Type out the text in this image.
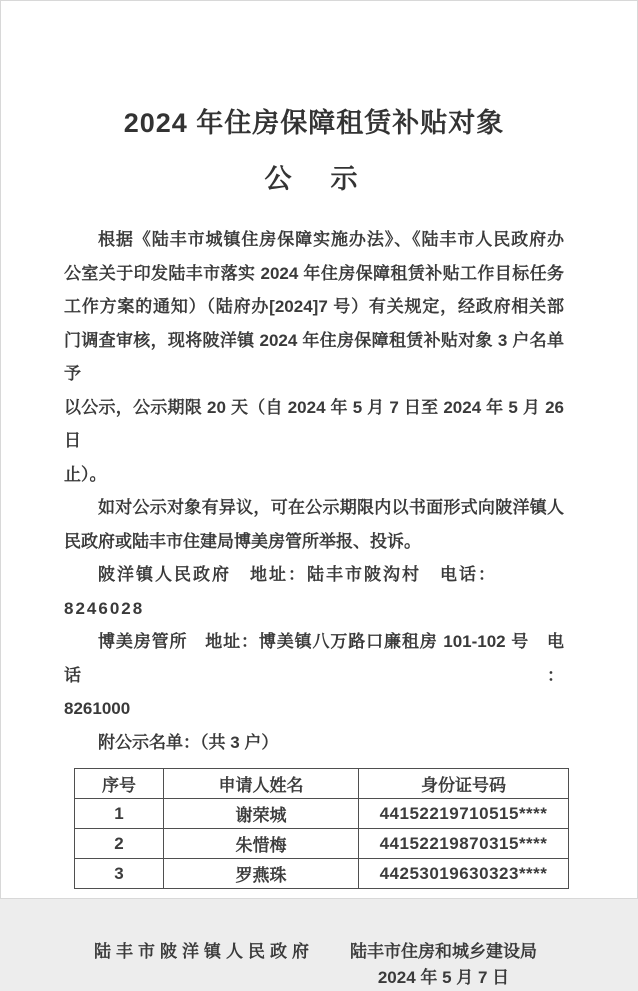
2024 年住房保障租赁补贴对象
公　示
根据《陆丰市城镇住房保障实施办法》、《陆丰市人民政府办
公室关于印发陆丰市落实 2024 年住房保障租赁补贴工作目标任务
工作方案的通知）（陆府办[2024]7 号）有关规定，经政府相关部
门调查审核，现将陂洋镇 2024 年住房保障租赁补贴对象 3 户名单予
以公示，公示期限 20 天（自 2024 年 5 月 7 日至 2024 年 5 月 26 日
止）。
如对公示对象有异议，可在公示期限内以书面形式向陂洋镇人
民政府或陆丰市住建局博美房管所举报、投诉。
陂洋镇人民政府　地址：陆丰市陂沟村　电话：8246028
博美房管所　地址：博美镇八万路口廉租房 101-102 号　电话：
8261000
附公示名单：（共 3 户）
序号	申请人姓名	身份证号码
1	谢荣城	44152219710515****
2	朱惜梅	44152219870315****
3	罗燕珠	44253019630323****
陆丰市陂洋镇人民政府 陆丰市住房和城乡建设局
2024 年 5 月 7 日
